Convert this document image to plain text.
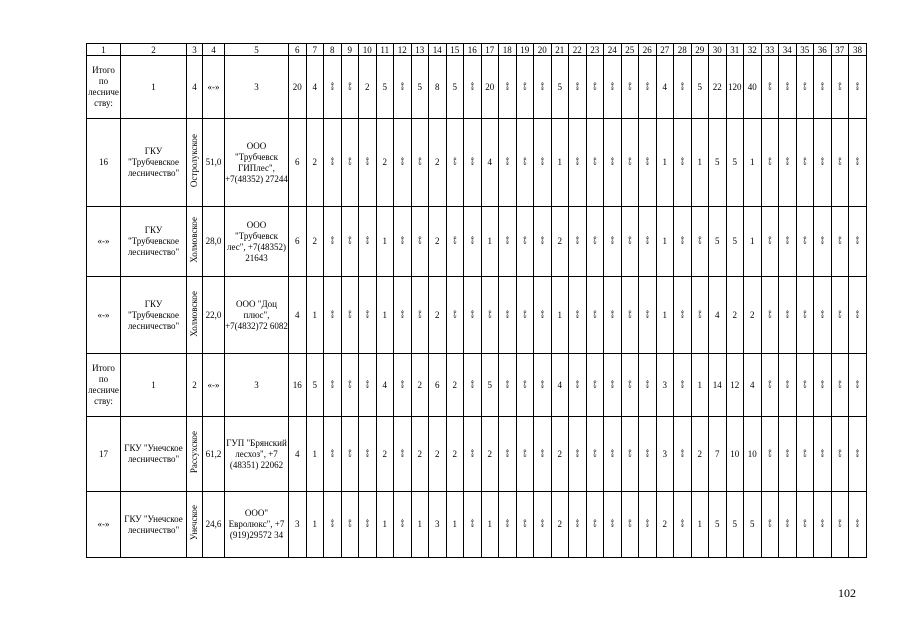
1	2	3	4	5	6	7	8	9	10	11	12	13	14	15	16	17	18	19	20	21	22	23	24	25	26	27	28	29	30	31	32	33	34	35	36	37	38
Итого по лесничеству:	1	4	«-»	3	20	4	«-»	«-»	2	5	«-»	5	8	5	«-»	20	«-»	«-»	«-»	5	«-»	«-»	«-»	«-»	«-»	4	«-»	5	22	120	40	«-»	«-»	«-»	«-»	«-»	«-»
16	ГКУ "Трубчевское лесничество"	Остролукское	51,0	ООО "Трубчевск ГИПлес", +7(48352) 27244	6	2	«-»	«-»	«-»	2	«-»	«-»	2	«-»	«-»	4	«-»	«-»	«-»	1	«-»	«-»	«-»	«-»	«-»	1	«-»	1	5	5	1	«-»	«-»	«-»	«-»	«-»	«-»
«-»	ГКУ "Трубчевское лесничество"	Холмовское	28,0	ООО "Трубчевск лес", +7(48352) 21643	6	2	«-»	«-»	«-»	1	«-»	«-»	2	«-»	«-»	1	«-»	«-»	«-»	2	«-»	«-»	«-»	«-»	«-»	1	«-»	«-»	5	5	1	«-»	«-»	«-»	«-»	«-»	«-»
«-»	ГКУ "Трубчевское лесничество"	Холмовское	22,0	ООО "Доц плюс", +7(4832)72 6082	4	1	«-»	«-»	«-»	1	«-»	«-»	2	«-»	«-»	«-»	«-»	«-»	«-»	1	«-»	«-»	«-»	«-»	«-»	1	«-»	«-»	4	2	2	«-»	«-»	«-»	«-»	«-»	«-»
Итого по лесничеству:	1	2	«-»	3	16	5	«-»	«-»	«-»	4	«-»	2	6	2	«-»	5	«-»	«-»	«-»	4	«-»	«-»	«-»	«-»	«-»	3	«-»	1	14	12	4	«-»	«-»	«-»	«-»	«-»	«-»
17	ГКУ "Унечское лесничество"	Рассухское	61,2	ГУП "Брянский лесхоз", +7 (48351) 22062	4	1	«-»	«-»	«-»	2	«-»	2	2	2	«-»	2	«-»	«-»	«-»	2	«-»	«-»	«-»	«-»	«-»	3	«-»	2	7	10	10	«-»	«-»	«-»	«-»	«-»	«-»
«-»	ГКУ "Унечское лесничество"	Унечское	24,6	ООО" Евролюкс", +7 (919)29572 34	3	1	«-»	«-»	«-»	1	«-»	1	3	1	«-»	1	«-»	«-»	«-»	2	«-»	«-»	«-»	«-»	«-»	2	«-»	1	5	5	5	«-»	«-»	«-»	«-»	«-»	«-»
102
